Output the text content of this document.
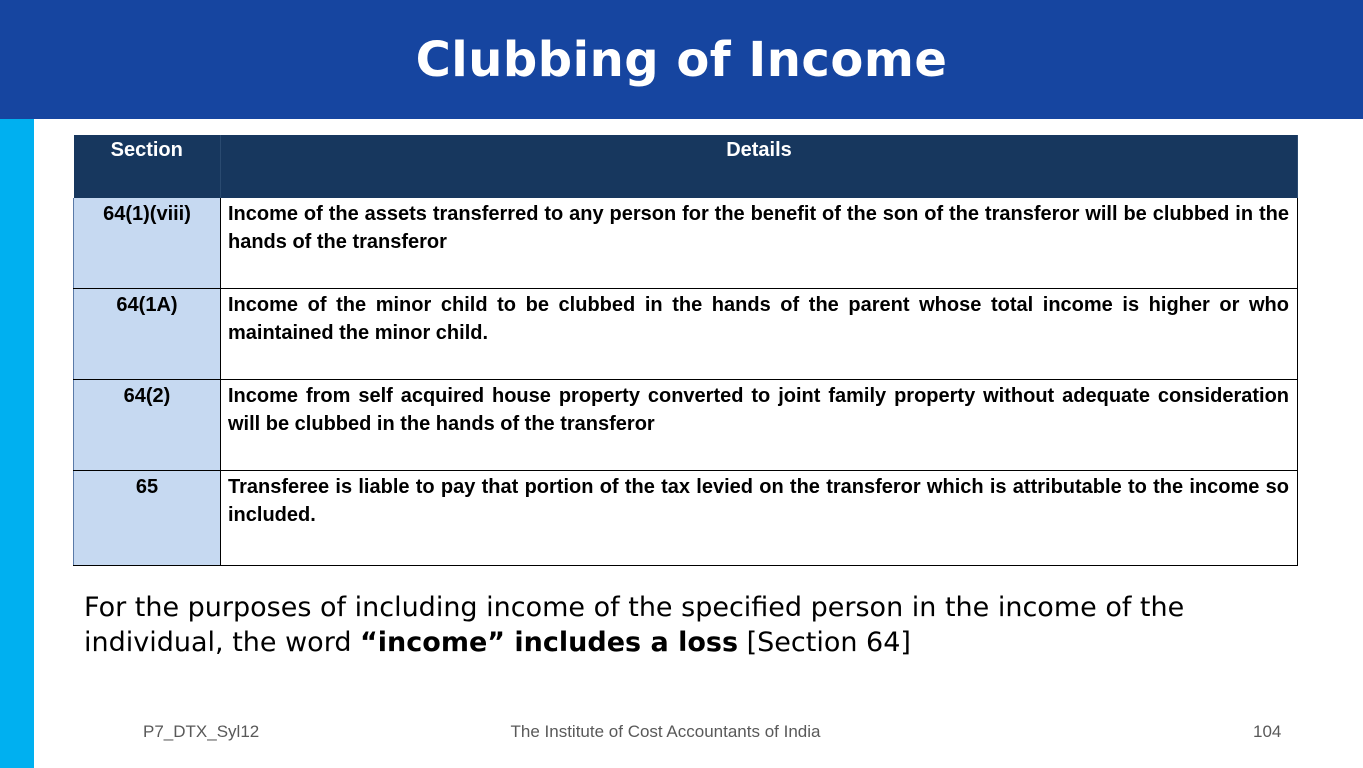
Clubbing of Income
Section	Details
64(1)(viii)	Income of the assets transferred to any person for the benefit of the son of the transferor will be clubbed in the hands of the transferor
64(1A)	Income of the minor child to be clubbed in the hands of the parent whose total income is higher or who maintained the minor child.
64(2)	Income from self acquired house property converted to joint family property without adequate consideration will be clubbed in the hands of the transferor
65	Transferee is liable to pay that portion of the tax levied on the transferor which is attributable to the income so included.
For the purposes of including income of the specified person in the income of the individual, the word “income” includes a loss [Section 64]
P7_DTX_Syl12	The Institute of Cost Accountants of India	104
